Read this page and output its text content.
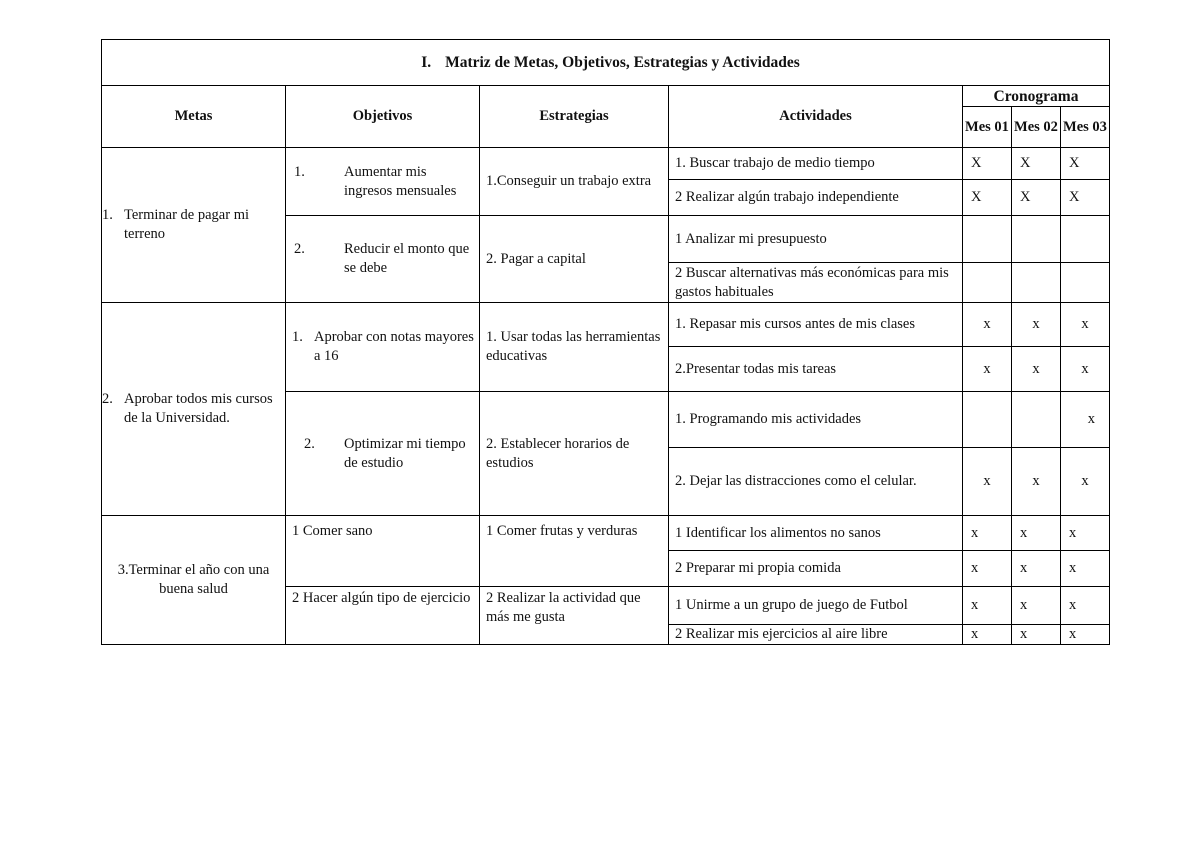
I. Matriz de Metas, Objetivos, Estrategias y Actividades						
Metas	Objetivos	Estrategias	Actividades	Cronograma		
				Mes 01	Mes 02	Mes 03

1. Terminar de pagar mi terreno	1. Aumentar mis ingresos mensuales	1.Conseguir un trabajo extra	1. Buscar trabajo de medio tiempo	X	X	X
			2 Realizar algún trabajo independiente	X	X	X

	2. Reducir el monto que se debe	2. Pagar a capital	1 Analizar mi presupuesto			
			2 Buscar alternativas más económicas para mis gastos habituales			

2. Aprobar todos mis cursos de la Universidad.	1. Aprobar con notas mayores a 16	1. Usar todas las herramientas educativas	1. Repasar mis cursos antes de mis clases	x	x	x
			2.Presentar todas mis tareas	x	x	x

	2. Optimizar mi tiempo de estudio	2. Establecer horarios de estudios	1. Programando mis actividades			x
			2. Dejar las distracciones como el celular.	x	x	x
3.Terminar el año con una buena salud	1 Comer sano	1 Comer frutas y verduras	1 Identificar los alimentos no sanos	x	x	x
			2 Preparar mi propia comida	x	x	x
	2 Hacer algún tipo de ejercicio	2 Realizar la actividad que más me gusta	1 Unirme a un grupo de juego de Futbol	x	x	x
			2 Realizar mis ejercicios al aire libre	x	x	x
